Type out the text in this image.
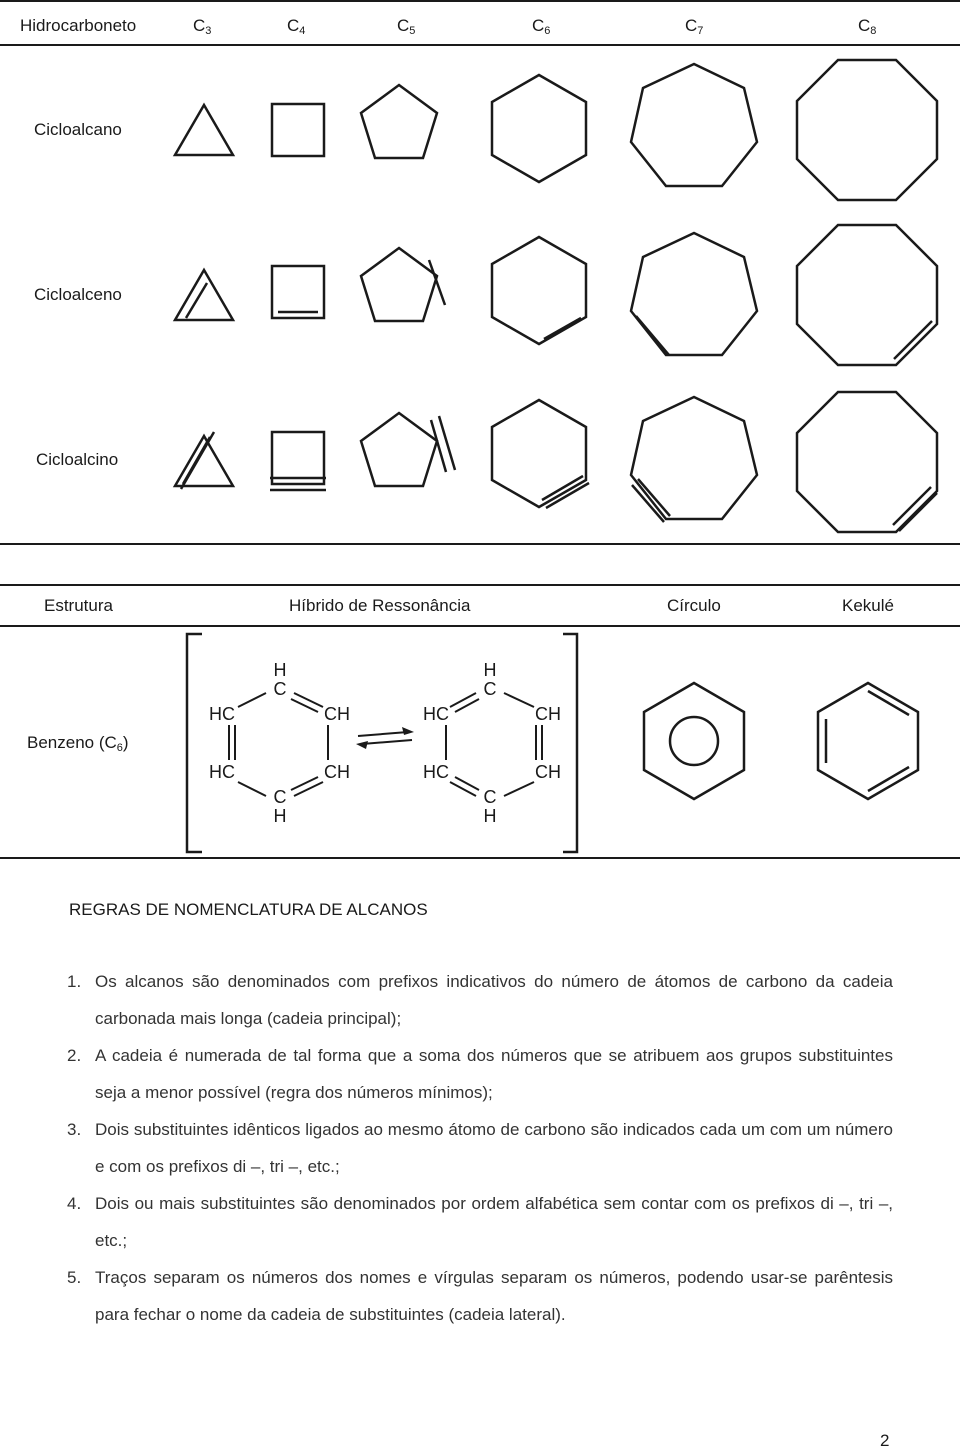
Hidrocarboneto	$C_3$	$C_4$	$C_5$	$C_6$	$C_7$	$C_8$
Cicloalcano
Cicloalceno
Cicloalcino
Estrutura	Híbrido de Ressonância	Círculo	Kekulé
Benzeno $(C_6)$
H
C
HC	CH
HC	CH
C
H
H
C
HC	CH
HC	CH
C
H
REGRAS DE NOMENCLATURA DE ALCANOS
1. Os alcanos são denominados com prefixos indicativos do número de átomos de carbono da cadeia carbonada mais longa (cadeia principal);
2. A cadeia é numerada de tal forma que a soma dos números que se atribuem aos grupos substituintes seja a menor possível (regra dos números mínimos);
3. Dois substituintes idênticos ligados ao mesmo átomo de carbono são indicados cada um com um número e com os prefixos di –, tri –, etc.;
4. Dois ou mais substituintes são denominados por ordem alfabética sem contar com os prefixos di –, tri –, etc.;
5. Traços separam os números dos nomes e vírgulas separam os números, podendo usar-se parêntesis para fechar o nome da cadeia de substituintes (cadeia lateral).
2
